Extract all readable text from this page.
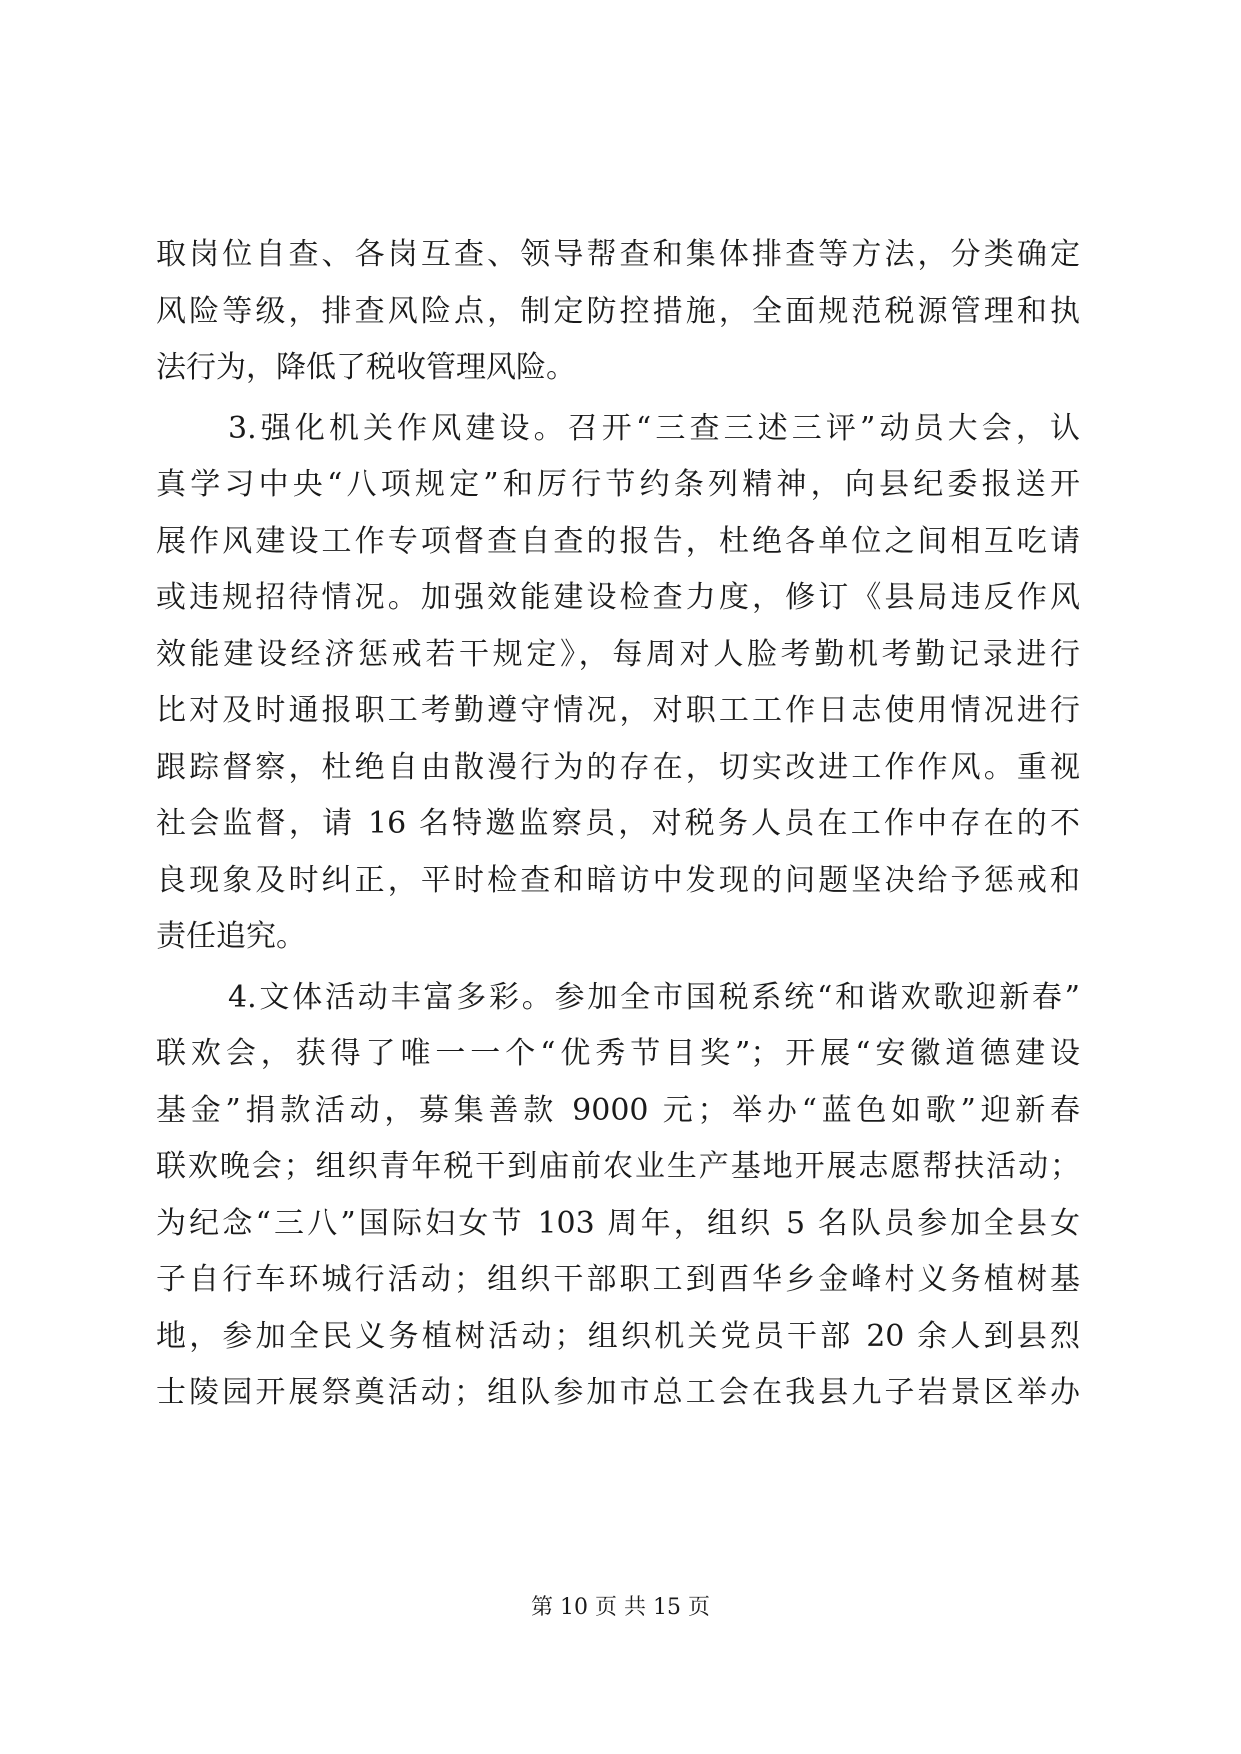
取岗位自查、各岗互查、领导帮查和集体排查等方法，分类确定
风险等级，排查风险点，制定防控措施，全面规范税源管理和执
法行为，降低了税收管理风险。
3.强化机关作风建设。召开“三查三述三评”动员大会，认
真学习中央“八项规定”和厉行节约条列精神，向县纪委报送开
展作风建设工作专项督查自查的报告，杜绝各单位之间相互吃请
或违规招待情况。加强效能建设检查力度，修订《县局违反作风
效能建设经济惩戒若干规定》，每周对人脸考勤机考勤记录进行
比对及时通报职工考勤遵守情况，对职工工作日志使用情况进行
跟踪督察，杜绝自由散漫行为的存在，切实改进工作作风。重视
社会监督，请 16 名特邀监察员，对税务人员在工作中存在的不
良现象及时纠正，平时检查和暗访中发现的问题坚决给予惩戒和
责任追究。
4.文体活动丰富多彩。参加全市国税系统“和谐欢歌迎新春”
联欢会，获得了唯一一个“优秀节目奖”；开展“安徽道德建设
基金”捐款活动，募集善款 9000 元；举办“蓝色如歌”迎新春
联欢晚会；组织青年税干到庙前农业生产基地开展志愿帮扶活动；
为纪念“三八”国际妇女节 103 周年，组织 5 名队员参加全县女
子自行车环城行活动；组织干部职工到酉华乡金峰村义务植树基
地，参加全民义务植树活动；组织机关党员干部 20 余人到县烈
士陵园开展祭奠活动；组队参加市总工会在我县九子岩景区举办
第 10 页 共 15 页
